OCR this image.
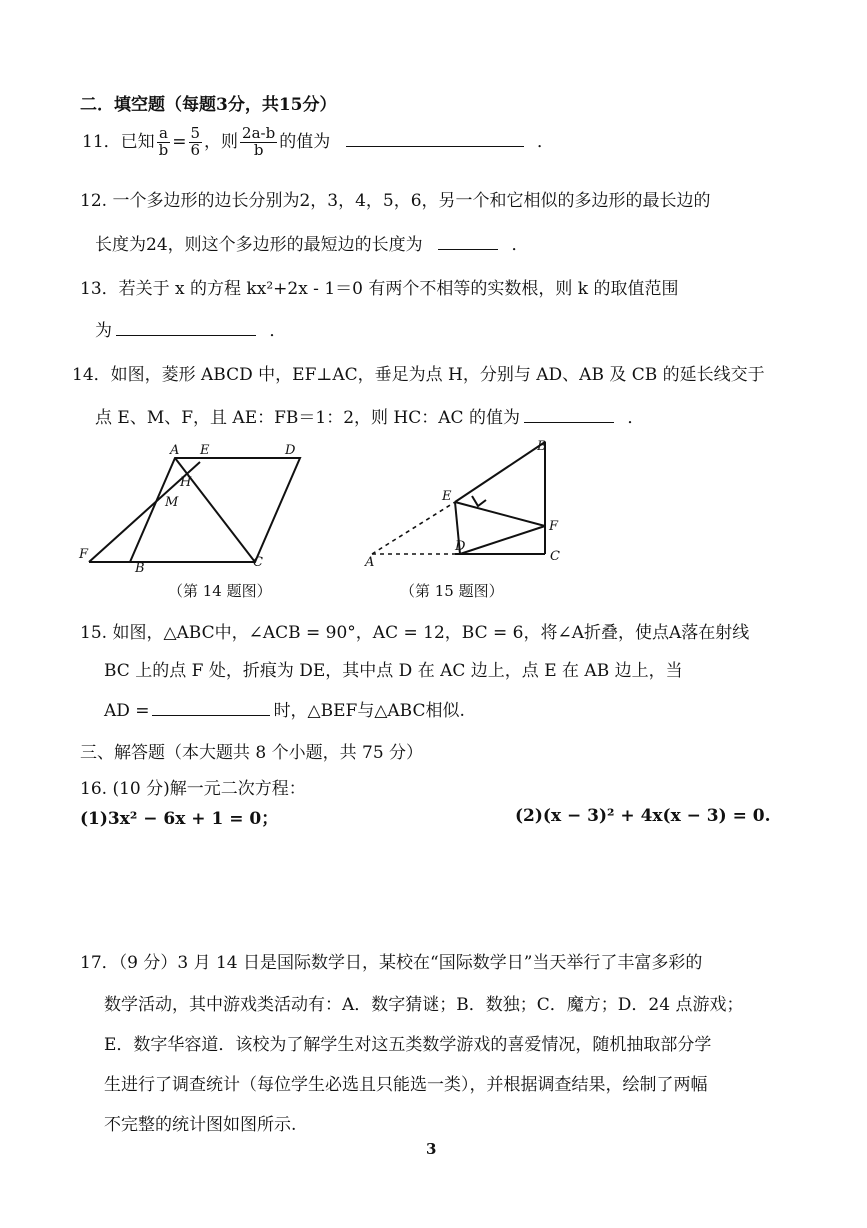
二．填空题（每题3分，共15分）
11．已知 $\frac{a}{b} = \frac{5}{6}$ ，则 $\frac{2a-b}{b}$ 的值为	．
12. 一个多边形的边长分别为2，3，4，5，6，另一个和它相似的多边形的最长边的
长度为24，则这个多边形的最短边的长度为	．
13．若关于 x 的方程 kx²+2x - 1＝0 有两个不相等的实数根，则 k 的取值范围
为	．
14．如图，菱形 ABCD 中，EF⊥AC，垂足为点 H，分别与 AD、AB 及 CB 的延长线交于
点 E、M、F，且 AE：FB＝1：2，则 HC：AC 的值为	．
A E	D
H
M
F
B	C
（第 14 题图）
A
B
C
D
E
F
（第 15 题图）
15. 如图，△ABC中，∠ACB = 90°，AC = 12，BC = 6，将∠A折叠，使点A落在射线
BC 上的点 F 处，折痕为 DE，其中点 D 在 AC 边上，点 E 在 AB 边上，当
AD =	时，△BEF与△ABC相似.
三、解答题（本大题共 8 个小题，共 75 分）
16. (10 分)解一元二次方程：
(1)3x² − 6x + 1 = 0；	(2)(x − 3)² + 4x(x − 3) = 0.
17．（9 分）3 月 14 日是国际数学日，某校在“国际数学日”当天举行了丰富多彩的
数学活动，其中游戏类活动有：A．数字猜谜；B．数独；C．魔方；D．24 点游戏；
E．数字华容道．该校为了解学生对这五类数学游戏的喜爱情况，随机抽取部分学
生进行了调查统计（每位学生必选且只能选一类），并根据调查结果，绘制了两幅
不完整的统计图如图所示.
3
